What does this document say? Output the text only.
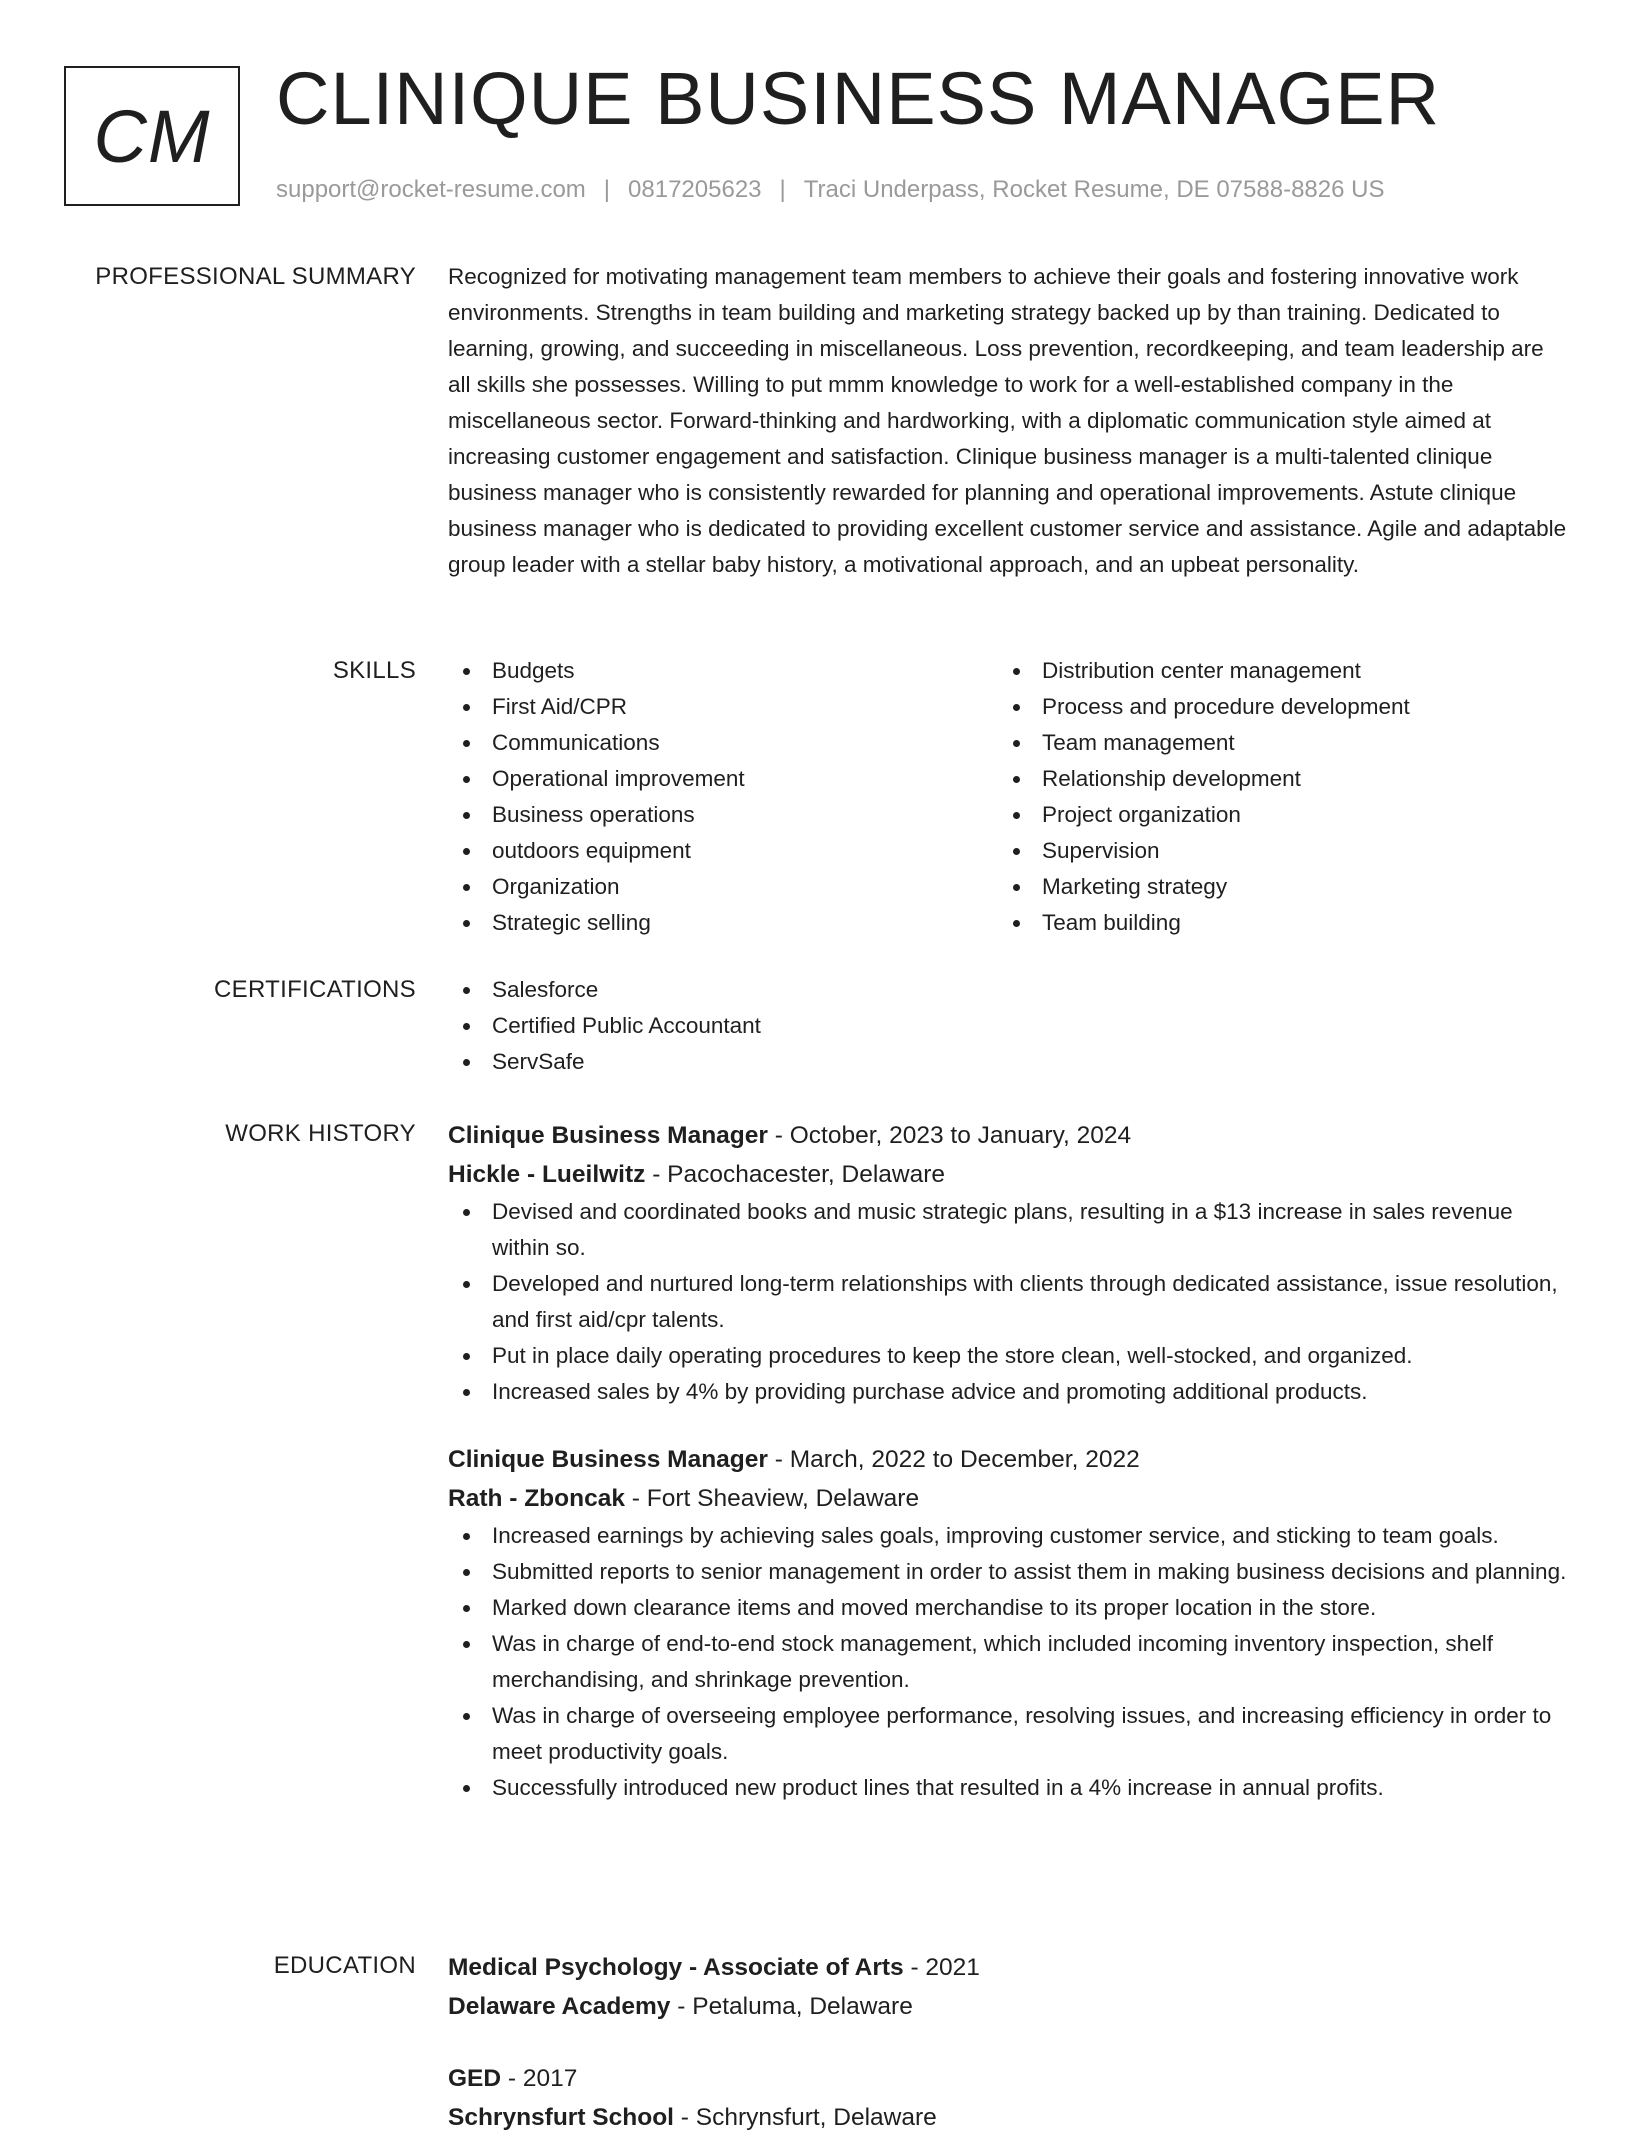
CM CLINIQUE BUSINESS MANAGER
support@rocket-resume.com | 0817205623 | Traci Underpass, Rocket Resume, DE 07588-8826 US
PROFESSIONAL SUMMARY Recognized for motivating management team members to achieve their goals and fostering innovative work environments. Strengths in team building and marketing strategy backed up by than training. Dedicated to learning, growing, and succeeding in miscellaneous. Loss prevention, recordkeeping, and team leadership are all skills she possesses. Willing to put mmm knowledge to work for a well-established company in the miscellaneous sector. Forward-thinking and hardworking, with a diplomatic communication style aimed at increasing customer engagement and satisfaction. Clinique business manager is a multi-talented clinique business manager who is consistently rewarded for planning and operational improvements. Astute clinique business manager who is dedicated to providing excellent customer service and assistance. Agile and adaptable group leader with a stellar baby history, a motivational approach, and an upbeat personality.

SKILLS	Budgets
First Aid/CPR
Communications
Operational improvement
Business operations
outdoors equipment
Organization
Strategic selling
Distribution center management
Process and procedure development
Team management
Relationship development
Project organization
Supervision
Marketing strategy
Team building
CERTIFICATIONS	Salesforce
Certified Public Accountant
ServSafe
WORK HISTORY Clinique Business Manager - October, 2023 to January, 2024
Hickle - Lueilwitz - Pacochacester, Delaware
Devised and coordinated books and music strategic plans, resulting in a $13 increase in sales revenue within so.
Developed and nurtured long-term relationships with clients through dedicated assistance, issue resolution, and first aid/cpr talents.
Put in place daily operating procedures to keep the store clean, well-stocked, and organized.
Increased sales by 4% by providing purchase advice and promoting additional products.
Clinique Business Manager - March, 2022 to December, 2022
Rath - Zboncak - Fort Sheaview, Delaware
Increased earnings by achieving sales goals, improving customer service, and sticking to team goals.
Submitted reports to senior management in order to assist them in making business decisions and planning.
Marked down clearance items and moved merchandise to its proper location in the store.
Was in charge of end-to-end stock management, which included incoming inventory inspection, shelf merchandising, and shrinkage prevention.
Was in charge of overseeing employee performance, resolving issues, and increasing efficiency in order to meet productivity goals.
Successfully introduced new product lines that resulted in a 4% increase in annual profits.
EDUCATION Medical Psychology - Associate of Arts - 2021
Delaware Academy - Petaluma, Delaware
GED - 2017
Schrynsfurt School - Schrynsfurt, Delaware
